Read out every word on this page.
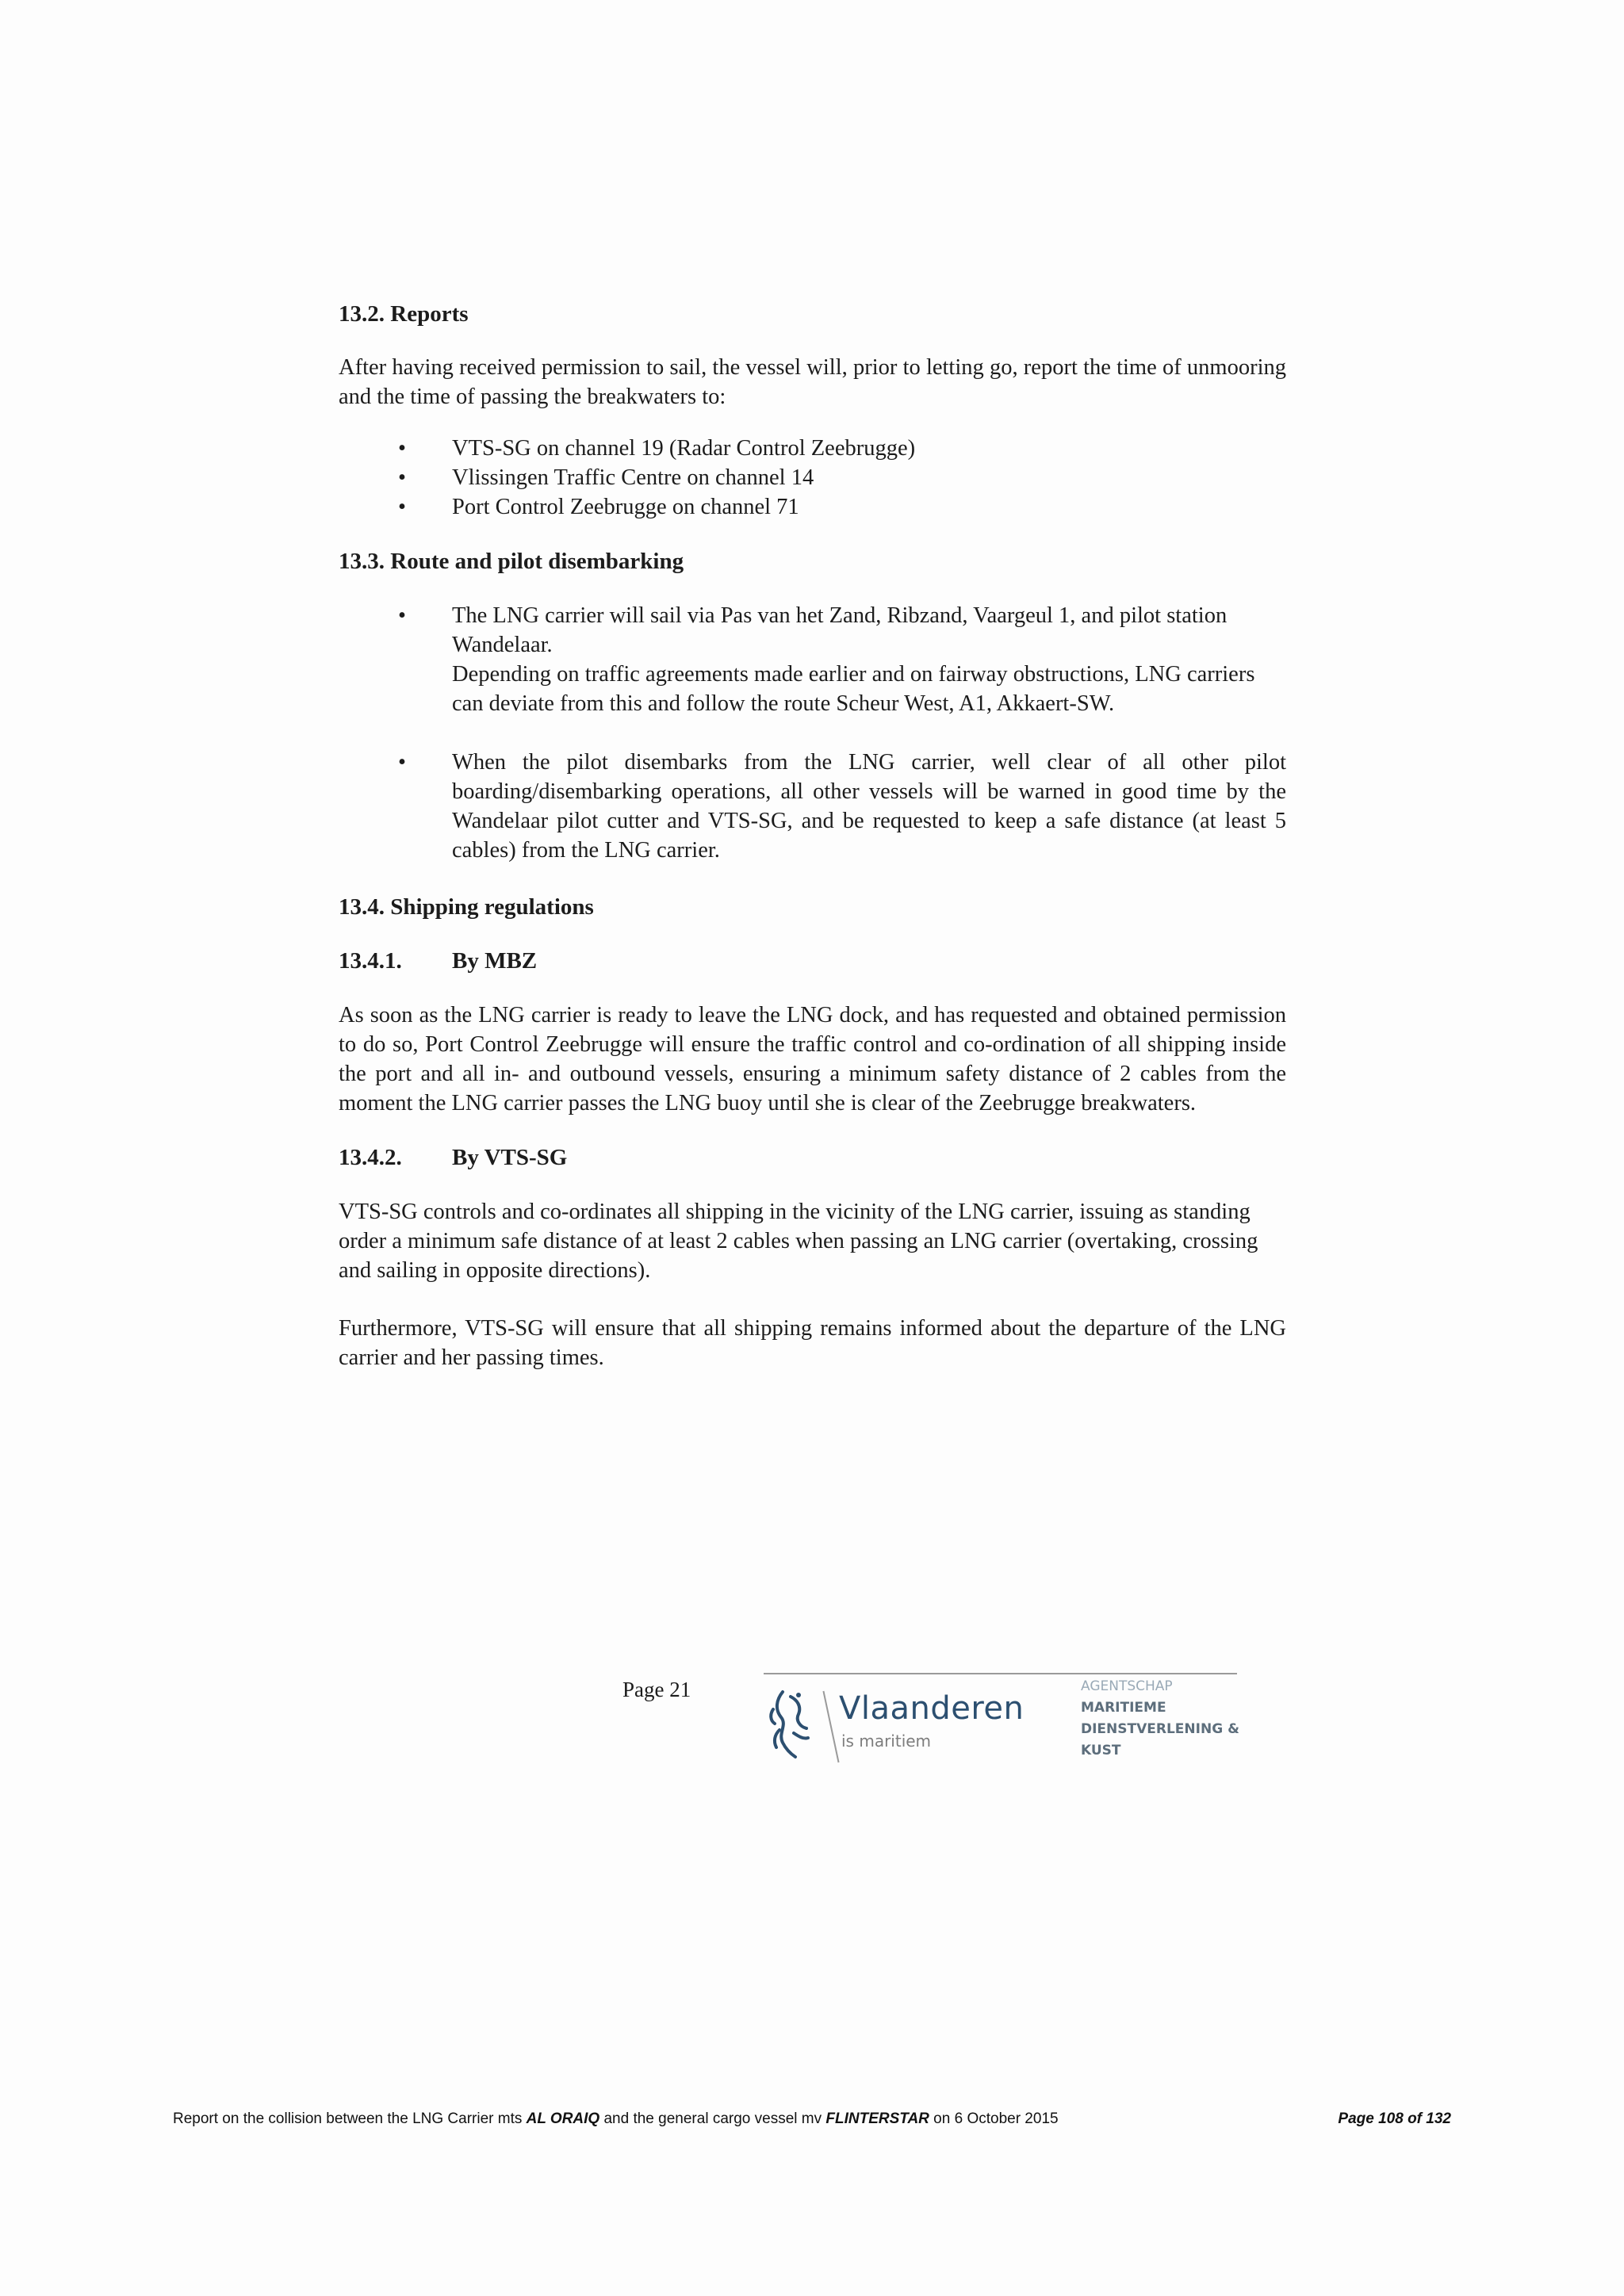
13.2. Reports

After having received permission to sail, the vessel will, prior to letting go, report the time of unmooring and the time of passing the breakwaters to:

• VTS-SG on channel 19 (Radar Control Zeebrugge)
• Vlissingen Traffic Centre on channel 14
• Port Control Zeebrugge on channel 71
13.3. Route and pilot disembarking
• The LNG carrier will sail via Pas van het Zand, Ribzand, Vaargeul 1, and pilot station Wandelaar.

Depending on traffic agreements made earlier and on fairway obstructions, LNG carriers can deviate from this and follow the route Scheur West, A1, Akkaert-SW.

• When the pilot disembarks from the LNG carrier, well clear of all other pilot boarding/disembarking operations, all other vessels will be warned in good time by the Wandelaar pilot cutter and VTS-SG, and be requested to keep a safe distance (at least 5 cables) from the LNG carrier.

13.4. Shipping regulations
13.4.1.	By MBZ

As soon as the LNG carrier is ready to leave the LNG dock, and has requested and obtained permission to do so, Port Control Zeebrugge will ensure the traffic control and co-ordination of all shipping inside the port and all in- and outbound vessels, ensuring a minimum safety distance of 2 cables from the moment the LNG carrier passes the LNG buoy until she is clear of the Zeebrugge breakwaters.

13.4.2.	By VTS-SG

VTS-SG controls and co-ordinates all shipping in the vicinity of the LNG carrier, issuing as standing order a minimum safe distance of at least 2 cables when passing an LNG carrier (overtaking, crossing and sailing in opposite directions).

Furthermore, VTS-SG will ensure that all shipping remains informed about the departure of the LNG carrier and her passing times.

Page 21
Vlaanderen
is maritiem
AGENTSCHAP
MARITIEME
DIENSTVERLENING &
KUST
Report on the collision between the LNG Carrier mts AL ORAIQ and the general cargo vessel mv FLINTERSTAR on 6 October 2015	Page 108 of 132
